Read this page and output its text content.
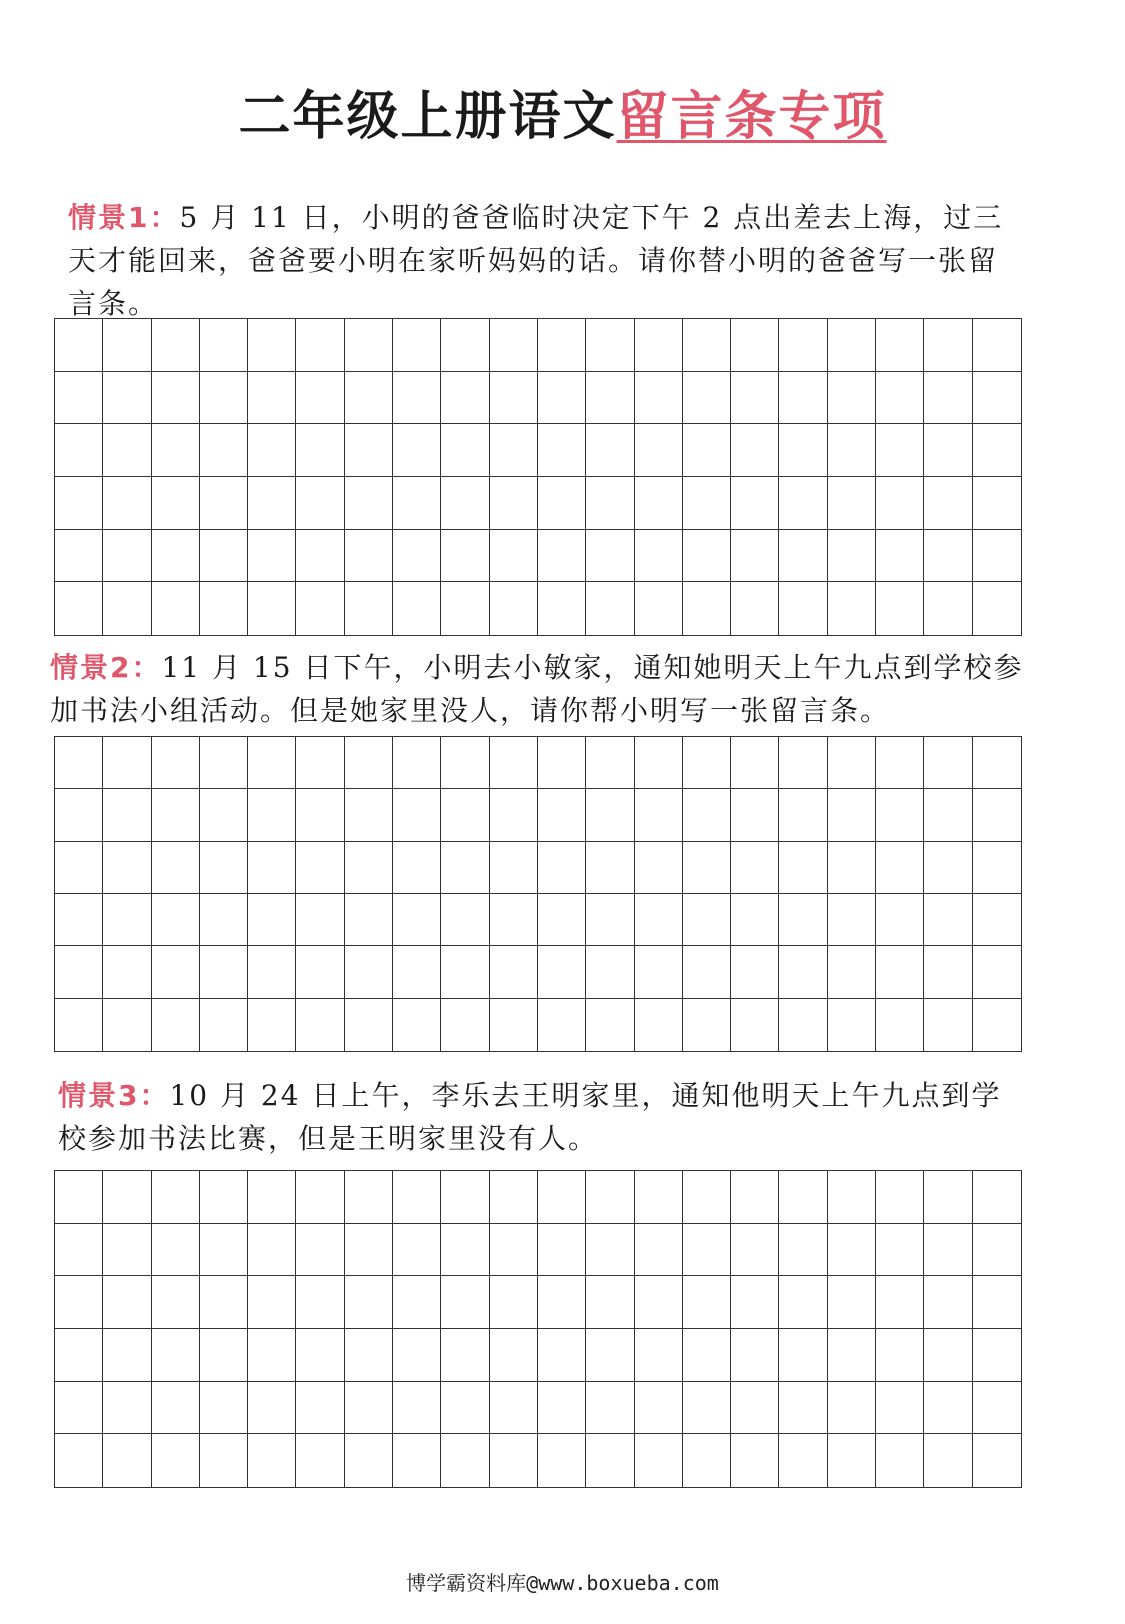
二年级上册语文留言条专项
情景1：5 月 11 日，小明的爸爸临时决定下午 2 点出差去上海，过三天才能回来，爸爸要小明在家听妈妈的话。请你替小明的爸爸写一张留言条。
情景2：11 月 15 日下午，小明去小敏家，通知她明天上午九点到学校参加书法小组活动。但是她家里没人，请你帮小明写一张留言条。
情景3：10 月 24 日上午，李乐去王明家里，通知他明天上午九点到学校参加书法比赛，但是王明家里没有人。
博学霸资料库@www.boxueba.com
